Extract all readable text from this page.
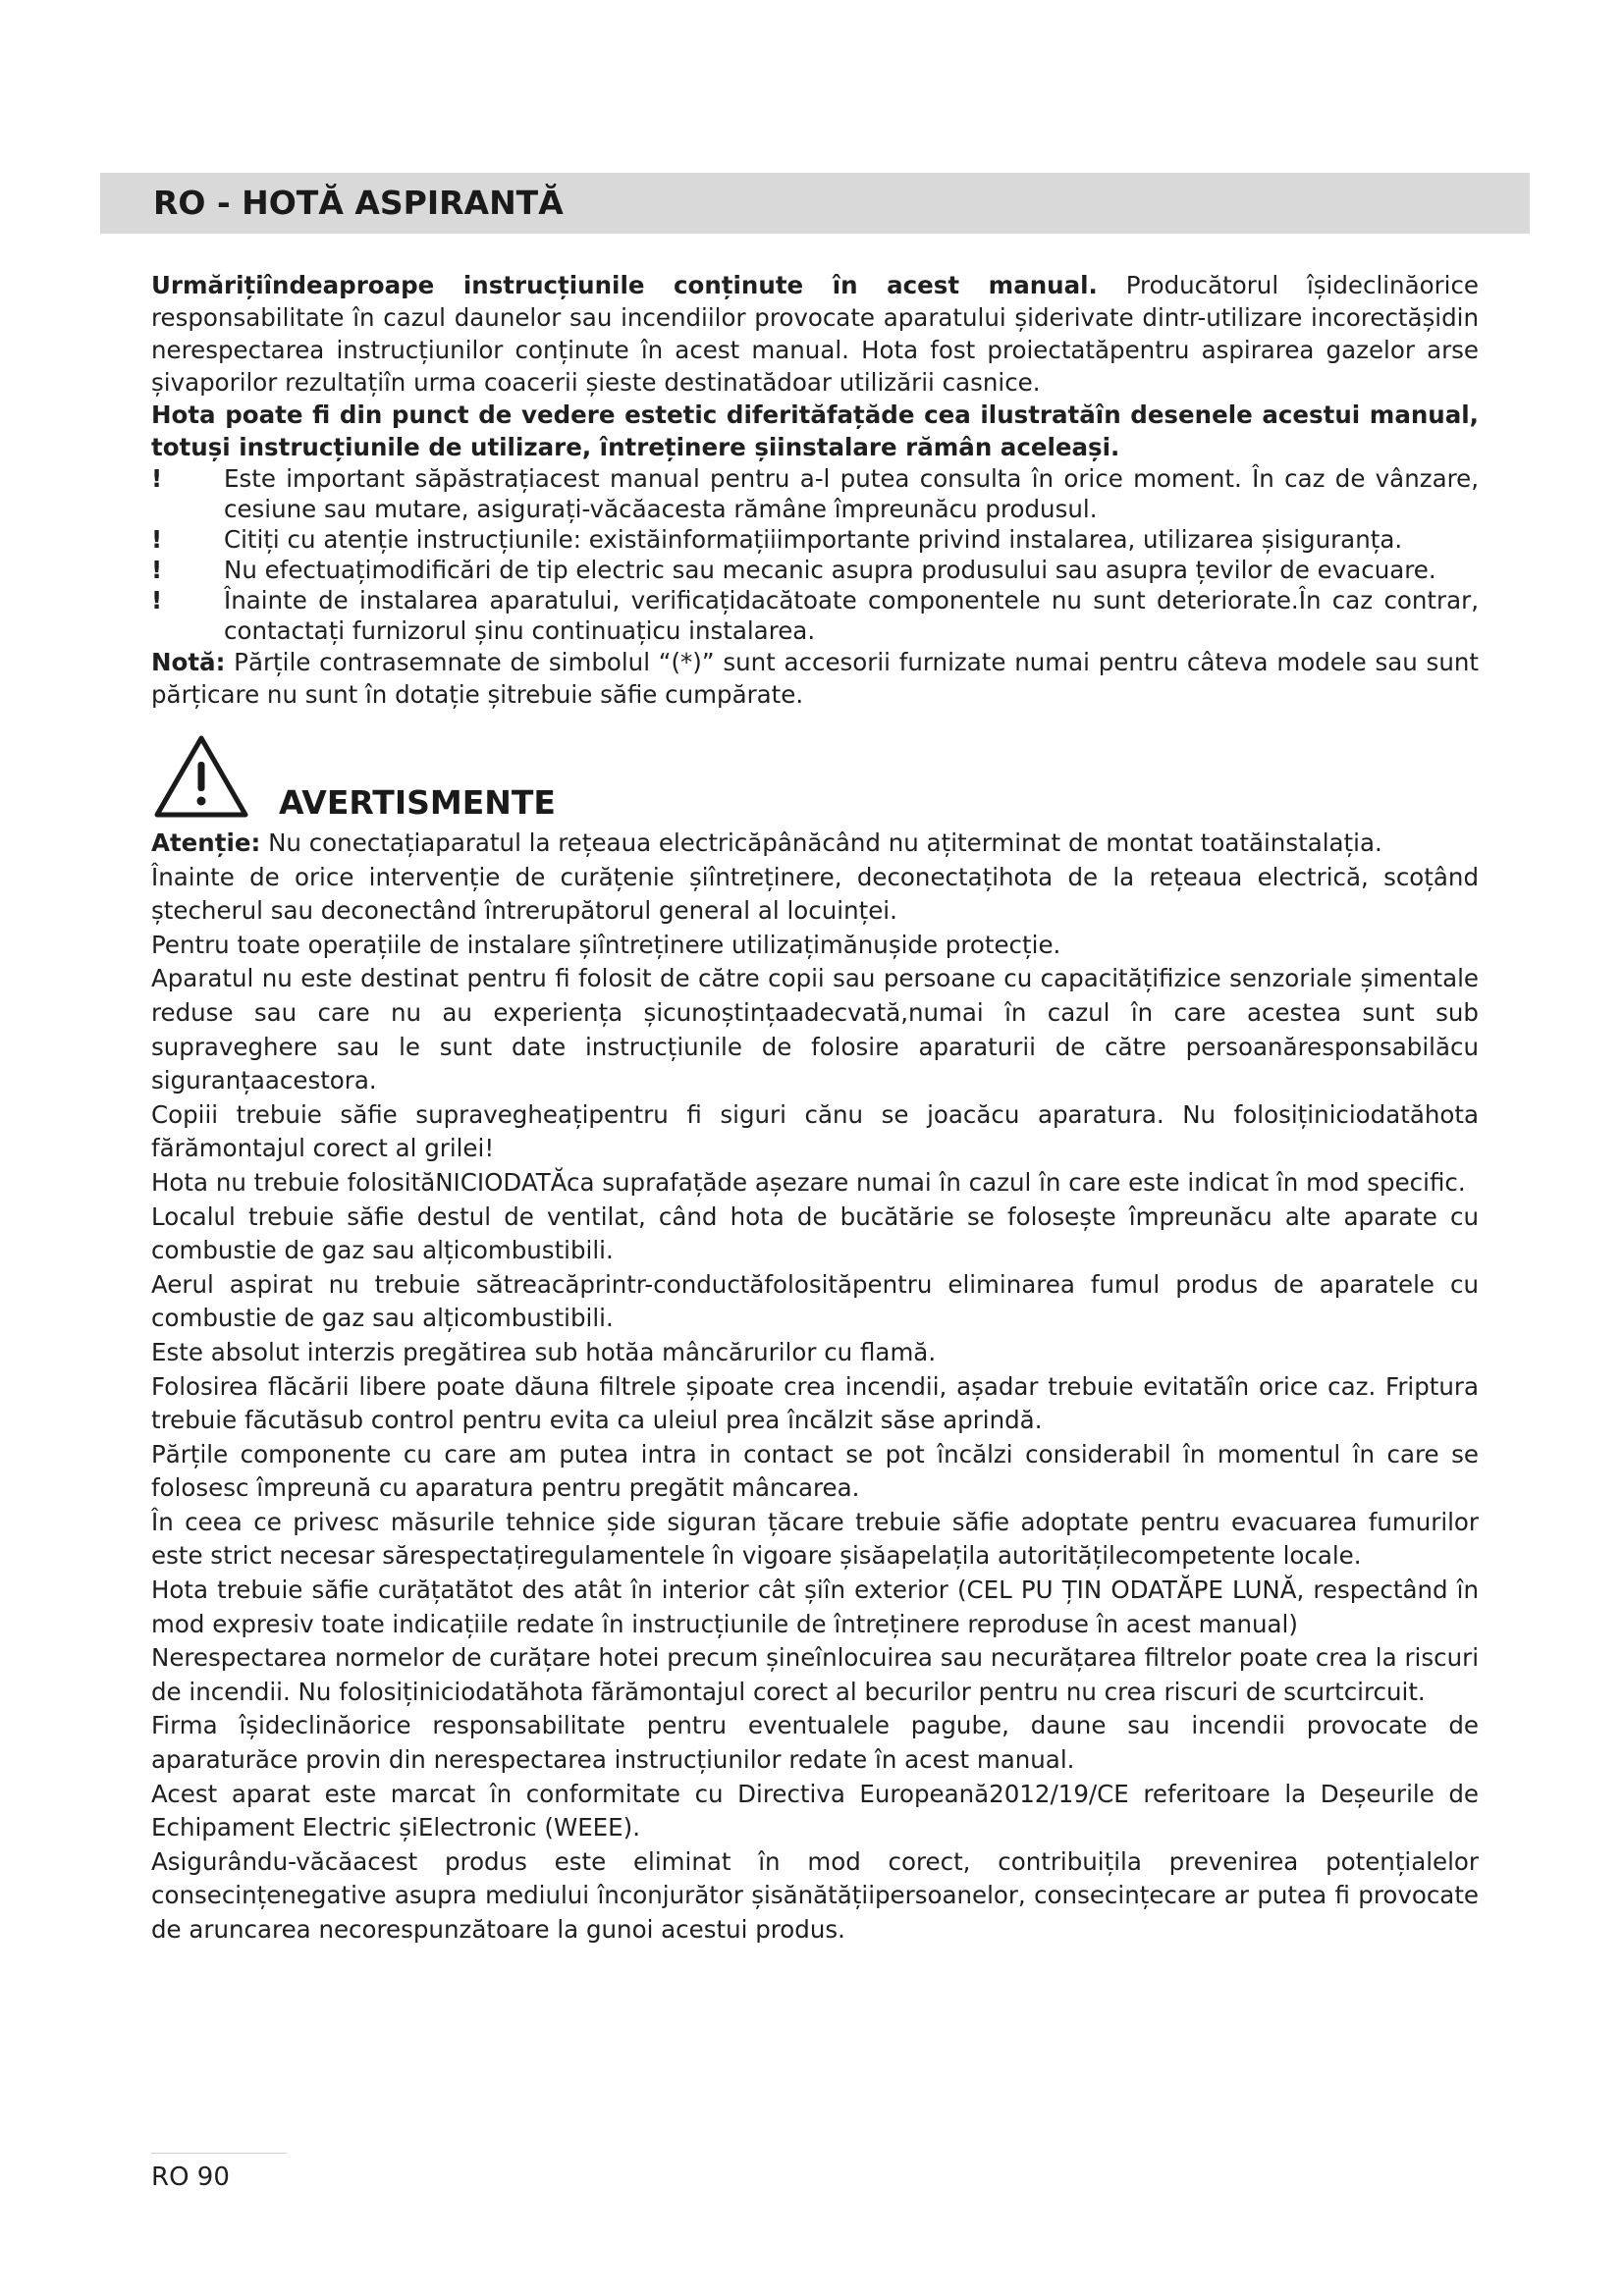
RO - HOTĂ ASPIRANTĂ

Urmărițiîndeaproape instrucțiunile conținute în acest manual. Producătorul îșideclinăorice responsabilitate în cazul daunelor sau incendiilor provocate aparatului șiderivate dintr-utilizare incorectășidin nerespectarea instrucțiunilor conținute în acest manual. Hota fost proiectatăpentru aspirarea gazelor arse șivaporilor rezultațiîn urma coacerii șieste destinatădoar utilizării casnice.

Hota poate fi din punct de vedere estetic diferităfațăde cea ilustratăîn desenele acestui manual, totuși instrucțiunile de utilizare, întreținere șiinstalare rămân aceleași.

!	Este important săpăstrațiacest manual pentru a-l putea consulta în orice moment. În caz de vânzare, cesiune sau mutare, asigurați-văcăacesta rămâne împreunăcu produsul.
!	Citiți cu atenție instrucțiunile: existăinformațiiimportante privind instalarea, utilizarea șisiguranța.
!	Nu efectuațimodificări de tip electric sau mecanic asupra produsului sau asupra țevilor de evacuare.
!	Înainte de instalarea aparatului, verificațidacătoate componentele nu sunt deteriorate.În caz contrar, contactați furnizorul șinu continuațicu instalarea.

Notă: Părțile contrasemnate de simbolul “(*)” sunt accesorii furnizate numai pentru câteva modele sau sunt părțicare nu sunt în dotație șitrebuie săfie cumpărate.

AVERTISMENTE

Atenție: Nu conectațiaparatul la rețeaua electricăpânăcând nu ațiterminat de montat toatăinstalația.

Înainte de orice intervenție de curățenie șiîntreținere, deconectațihota de la rețeaua electrică, scoțând ștecherul sau deconectând întrerupătorul general al locuinței.

Pentru toate operațiile de instalare șiîntreținere utilizațimănușide protecție.

Aparatul nu este destinat pentru fi folosit de către copii sau persoane cu capacitățifizice senzoriale șimentale reduse sau care nu au experiența șicunoștințaadecvată,numai în cazul în care acestea sunt sub supraveghere sau le sunt date instrucțiunile de folosire aparaturii de către persoanăresponsabilăcu siguranțaacestora.

Copiii trebuie săfie supravegheațipentru fi siguri cănu se joacăcu aparatura. Nu folosiținiciodatăhota fărămontajul corect al grilei!

Hota nu trebuie folosităNICIODATĂca suprafațăde așezare numai în cazul în care este indicat în mod specific.

Localul trebuie săfie destul de ventilat, când hota de bucătărie se folosește împreunăcu alte aparate cu combustie de gaz sau alțicombustibili.

Aerul aspirat nu trebuie sătreacăprintr-conductăfolosităpentru eliminarea fumul produs de aparatele cu combustie de gaz sau alțicombustibili.

Este absolut interzis pregătirea sub hotăa mâncărurilor cu flamă.

Folosirea flăcării libere poate dăuna filtrele șipoate crea incendii, așadar trebuie evitatăîn orice caz. Friptura trebuie făcutăsub control pentru evita ca uleiul prea încălzit săse aprindă.

Părțile componente cu care am putea intra in contact se pot încălzi considerabil în momentul în care se folosesc împreună cu aparatura pentru pregătit mâncarea.

În ceea ce privesc măsurile tehnice șide siguran țăcare trebuie săfie adoptate pentru evacuarea fumurilor este strict necesar sărespectațiregulamentele în vigoare șisăapelațila autoritățilecompetente locale.

Hota trebuie săfie curățatătot des atât în interior cât șiîn exterior (CEL PU ȚIN ODATĂPE LUNĂ, respectând în mod expresiv toate indicațiile redate în instrucțiunile de întreținere reproduse în acest manual)

Nerespectarea normelor de curățare hotei precum șineînlocuirea sau necurățarea filtrelor poate crea la riscuri de incendii. Nu folosiținiciodatăhota fărămontajul corect al becurilor pentru nu crea riscuri de scurtcircuit.

Firma îșideclinăorice responsabilitate pentru eventualele pagube, daune sau incendii provocate de aparaturăce provin din nerespectarea instrucțiunilor redate în acest manual.

Acest aparat este marcat în conformitate cu Directiva Europeană2012/19/CE referitoare la Deșeurile de Echipament Electric șiElectronic (WEEE).

Asigurându-văcăacest produs este eliminat în mod corect, contribuițila prevenirea potențialelor consecințenegative asupra mediului înconjurător șisănătățiipersoanelor, consecințecare ar putea fi provocate de aruncarea necorespunzătoare la gunoi acestui produs.

RO 90
